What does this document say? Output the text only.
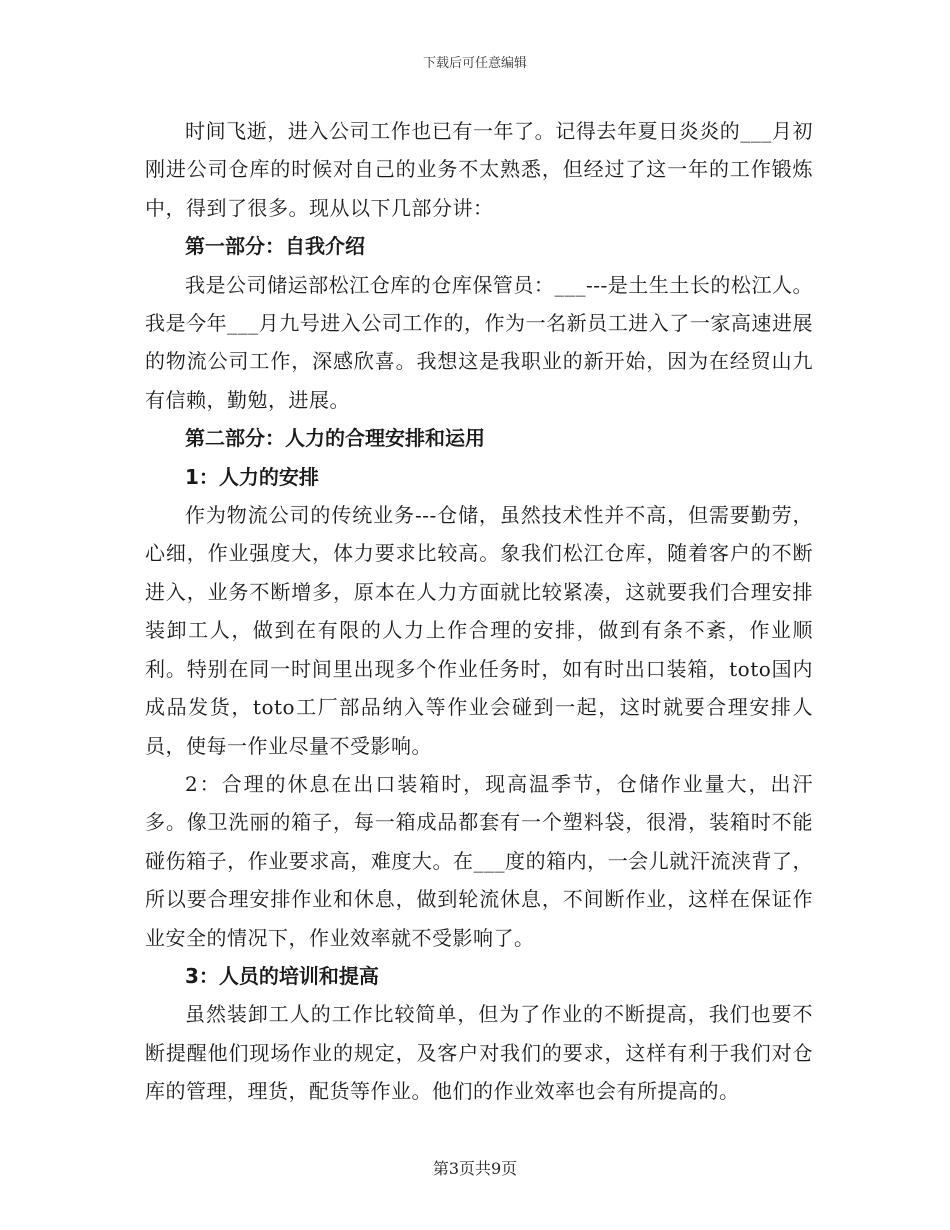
下载后可任意编辑

时间飞逝，进入公司工作也已有一年了。记得去年夏日炎炎的___月初刚进公司仓库的时候对自己的业务不太熟悉，但经过了这一年的工作锻炼中，得到了很多。现从以下几部分讲：

第一部分：自我介绍

我是公司储运部松江仓库的仓库保管员：___---是土生土长的松江人。我是今年___月九号进入公司工作的，作为一名新员工进入了一家高速进展的物流公司工作，深感欣喜。我想这是我职业的新开始，因为在经贸山九有信赖，勤勉，进展。

第二部分：人力的合理安排和运用

1：人力的安排

作为物流公司的传统业务---仓储，虽然技术性并不高，但需要勤劳，心细，作业强度大，体力要求比较高。象我们松江仓库，随着客户的不断进入，业务不断增多，原本在人力方面就比较紧凑，这就要我们合理安排装卸工人，做到在有限的人力上作合理的安排，做到有条不紊，作业顺利。特别在同一时间里出现多个作业任务时，如有时出口装箱，toto国内成品发货，toto工厂部品纳入等作业会碰到一起，这时就要合理安排人员，使每一作业尽量不受影响。

2：合理的休息在出口装箱时，现高温季节，仓储作业量大，出汗多。像卫洗丽的箱子，每一箱成品都套有一个塑料袋，很滑，装箱时不能碰伤箱子，作业要求高，难度大。在___度的箱内，一会儿就汗流浃背了，所以要合理安排作业和休息，做到轮流休息，不间断作业，这样在保证作业安全的情况下，作业效率就不受影响了。

3：人员的培训和提高

虽然装卸工人的工作比较简单，但为了作业的不断提高，我们也要不断提醒他们现场作业的规定，及客户对我们的要求，这样有利于我们对仓库的管理，理货，配货等作业。他们的作业效率也会有所提高的。

第3页共9页
